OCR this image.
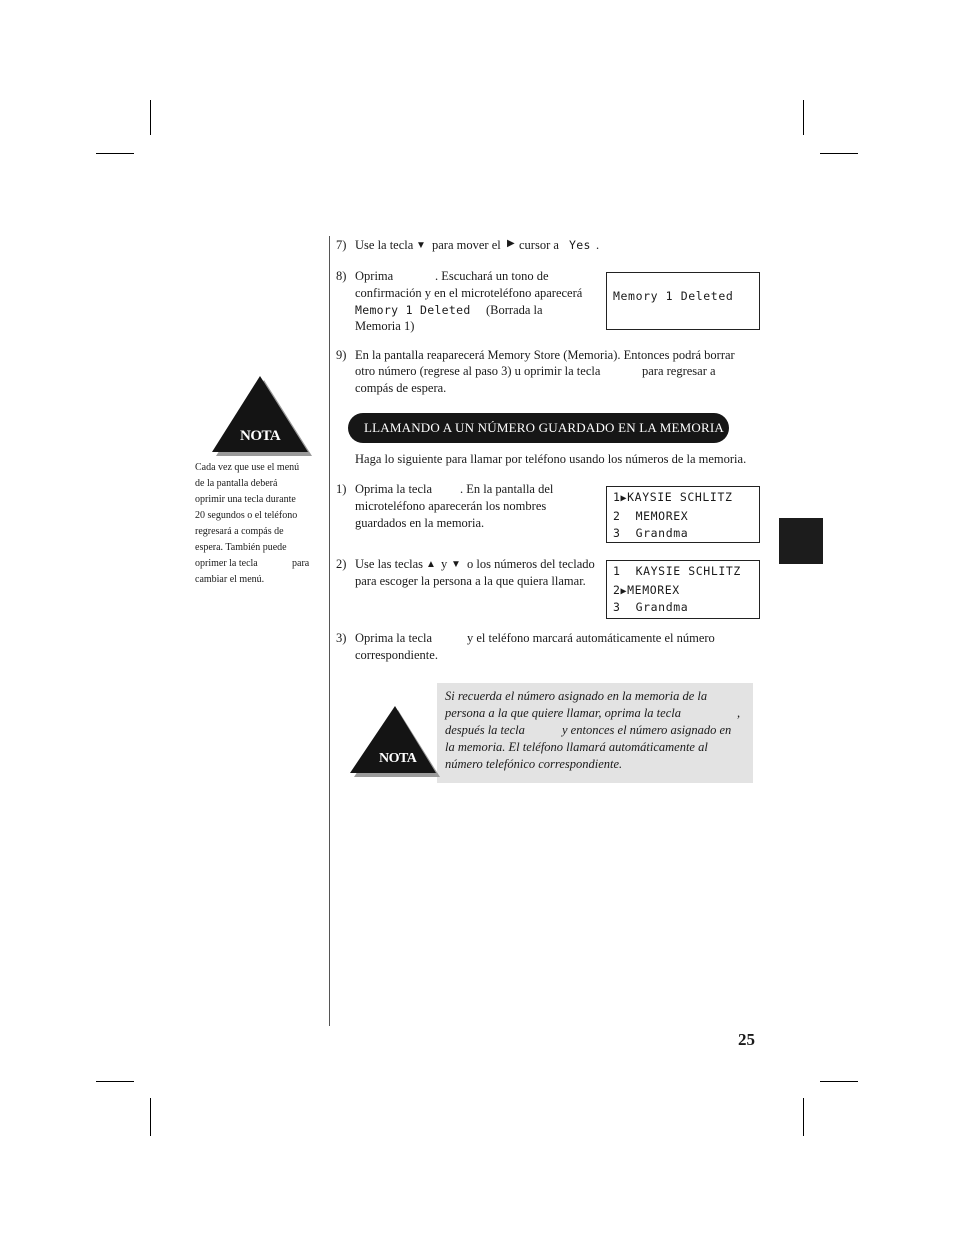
7) Use la tecla ▼ para mover el ▶ cursor a Yes .
8) Oprima	. Escuchará un tono de
confirmación y en el microteléfono aparecerá
Memory 1 Deleted (Borrada la
Memoria 1)
Memory 1 Deleted
9) En la pantalla reaparecerá Memory Store (Memoria). Entonces podrá borrar
otro número (regrese al paso 3) u oprimir la tecla	para regresar a
compás de espera.
NOTA
Cada vez que use el menú
de la pantalla deberá
oprimir una tecla durante
20 segundos o el teléfono
regresará a compás de
espera. También puede
oprimer la tecla	para
cambiar el menú.
LLAMANDO A UN NÚMERO GUARDADO EN LA MEMORIA
Haga lo siguiente para llamar por teléfono usando los números de la memoria.
1) Oprima la tecla . En la pantalla del
microteléfono aparecerán los nombres
guardados en la memoria.
1▶KAYSIE SCHLITZ
2 MEMOREX
3 Grandma
2) Use las teclas ▲ y ▼ o los números del teclado
para escoger la persona a la que quiera llamar.
1 KAYSIE SCHLITZ
2▶MEMOREX
3 Grandma
3) Oprima la tecla	y el teléfono marcará automáticamente el número
correspondiente.
NOTA
Si recuerda el número asignado en la memoria de la
persona a la que quiere llamar, oprima la tecla	,
después la tecla	y entonces el número asignado en
la memoria. El teléfono llamará automáticamente al
número telefónico correspondiente.
25
